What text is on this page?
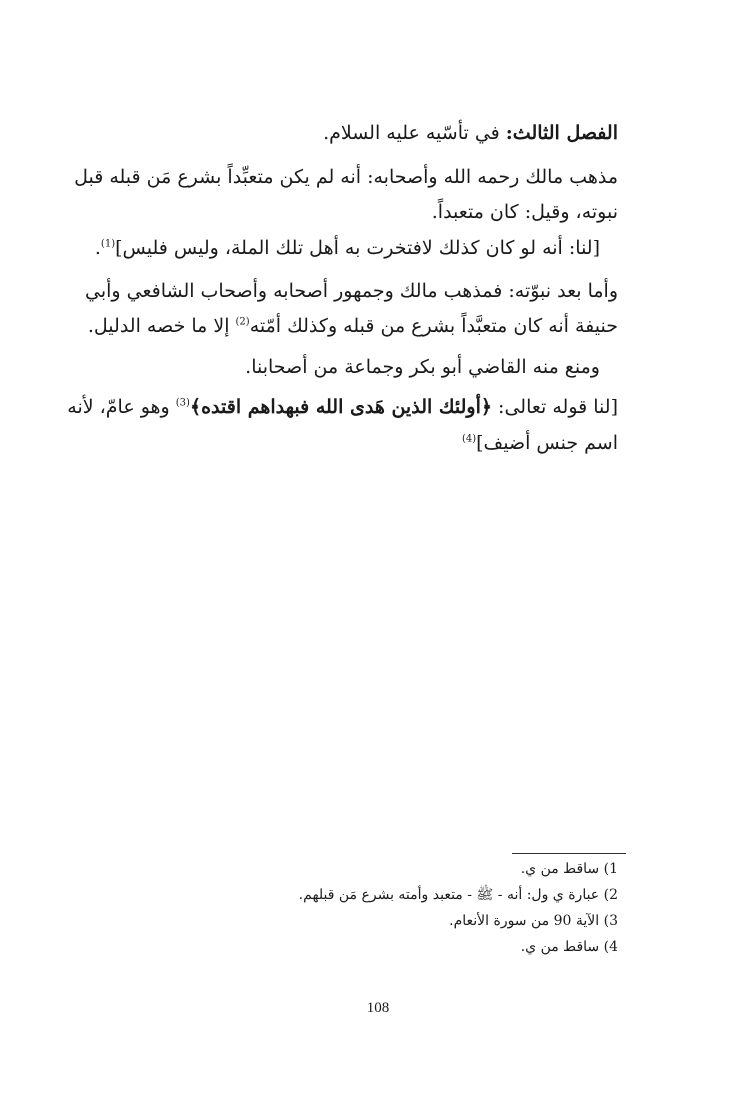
الفصل الثالث: في تأسّيه عليه السلام.
مذهب مالك رحمه الله وأصحابه: أنه لم يكن متعبِّداً بشرع مَن قبله قبل
نبوته، وقيل: كان متعبداً.
[لنا: أنه لو كان كذلك لافتخرت به أهل تلك الملة، وليس فليس]$^{(1)}$.
وأما بعد نبوّته: فمذهب مالك وجمهور أصحابه وأصحاب الشافعي وأبي
حنيفة أنه كان متعبَّداً بشرع من قبله وكذلك أمّته$^{(2)}$ إلا ما خصه الدليل.
ومنع منه القاضي أبو بكر وجماعة من أصحابنا.
[لنا قوله تعالى: ﴿أولئك الذين هَدى الله فبهداهم اقتده﴾$^{(3)}$ وهو عامّ، لأنه
اسم جنس أضيف]$^{(4)}$
1) ساقط من ي.
2) عبارة ي ول: أنه - ﷺ - متعبد وأمته بشرع مَن قبلهم.
3) الآية 90 من سورة الأنعام.
4) ساقط من ي.
108
